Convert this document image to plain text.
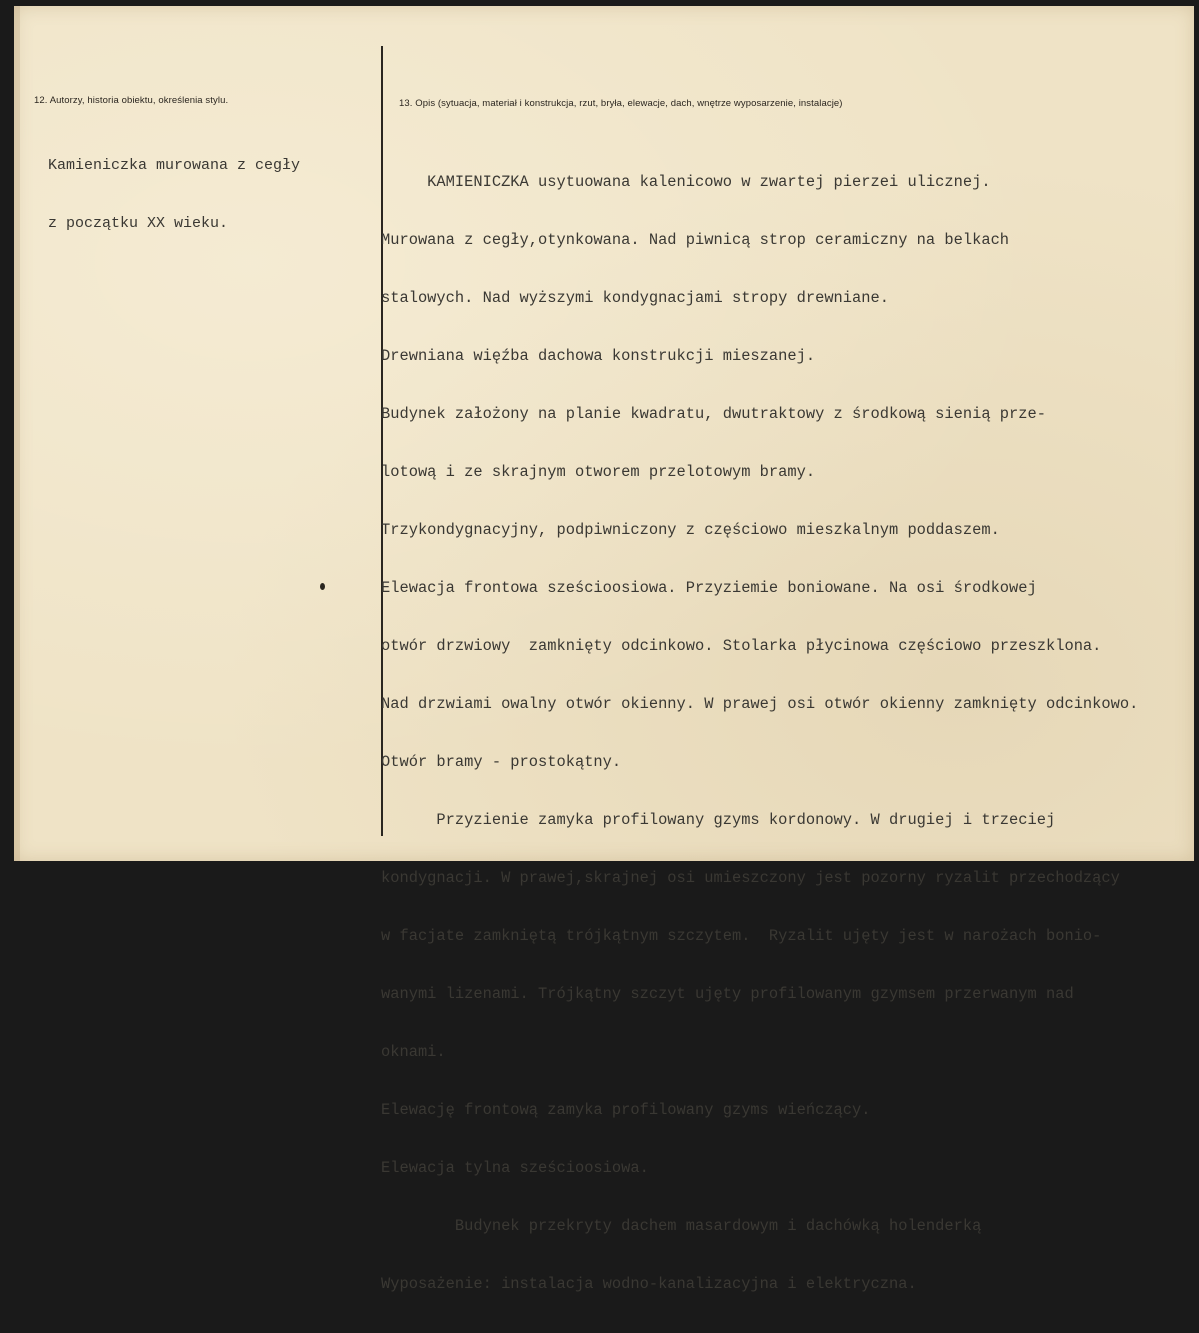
12. Autorzy, historia obiektu, określenia stylu.

Kamieniczka murowana z cegły

z początku XX wieku.

13. Opis (sytuacja, materiał i konstrukcja, rzut, bryła, elewacje, dach, wnętrze wyposarzenie, instalacje)

KAMIENICZKA usytuowana kalenicowo w zwartej pierzei ulicznej.

Murowana z cegły,otynkowana. Nad piwnicą strop ceramiczny na belkach

stalowych. Nad wyższymi kondygnacjami stropy drewniane.

Drewniana więźba dachowa konstrukcji mieszanej.

Budynek założony na planie kwadratu, dwutraktowy z środkową sienią prze-

lotową i ze skrajnym otworem przelotowym bramy.

Trzykondygnacyjny, podpiwniczony z częściowo mieszkalnym poddaszem.

Elewacja frontowa sześcioosiowa. Przyziemie boniowane. Na osi środkowej

otwór drzwiowy  zamknięty odcinkowo. Stolarka płycinowa częściowo przeszklona.

Nad drzwiami owalny otwór okienny. W prawej osi otwór okienny zamknięty odcinkowo.

Otwór bramy - prostokątny.

Przyzienie zamyka profilowany gzyms kordonowy. W drugiej i trzeciej

kondygnacji. W prawej,skrajnej osi umieszczony jest pozorny ryzalit przechodzący

w facjate zamkniętą trójkątnym szczytem.  Ryzalit ujęty jest w narożach bonio-

wanymi lizenami. Trójkątny szczyt ujęty profilowanym gzymsem przerwanym nad

oknami.

Elewację frontową zamyka profilowany gzyms wieńczący.

Elewacja tylna sześcioosiowa.

Budynek przekryty dachem masardowym i dachówką holenderką

Wyposażenie: instalacja wodno-kanalizacyjna i elektryczna.
